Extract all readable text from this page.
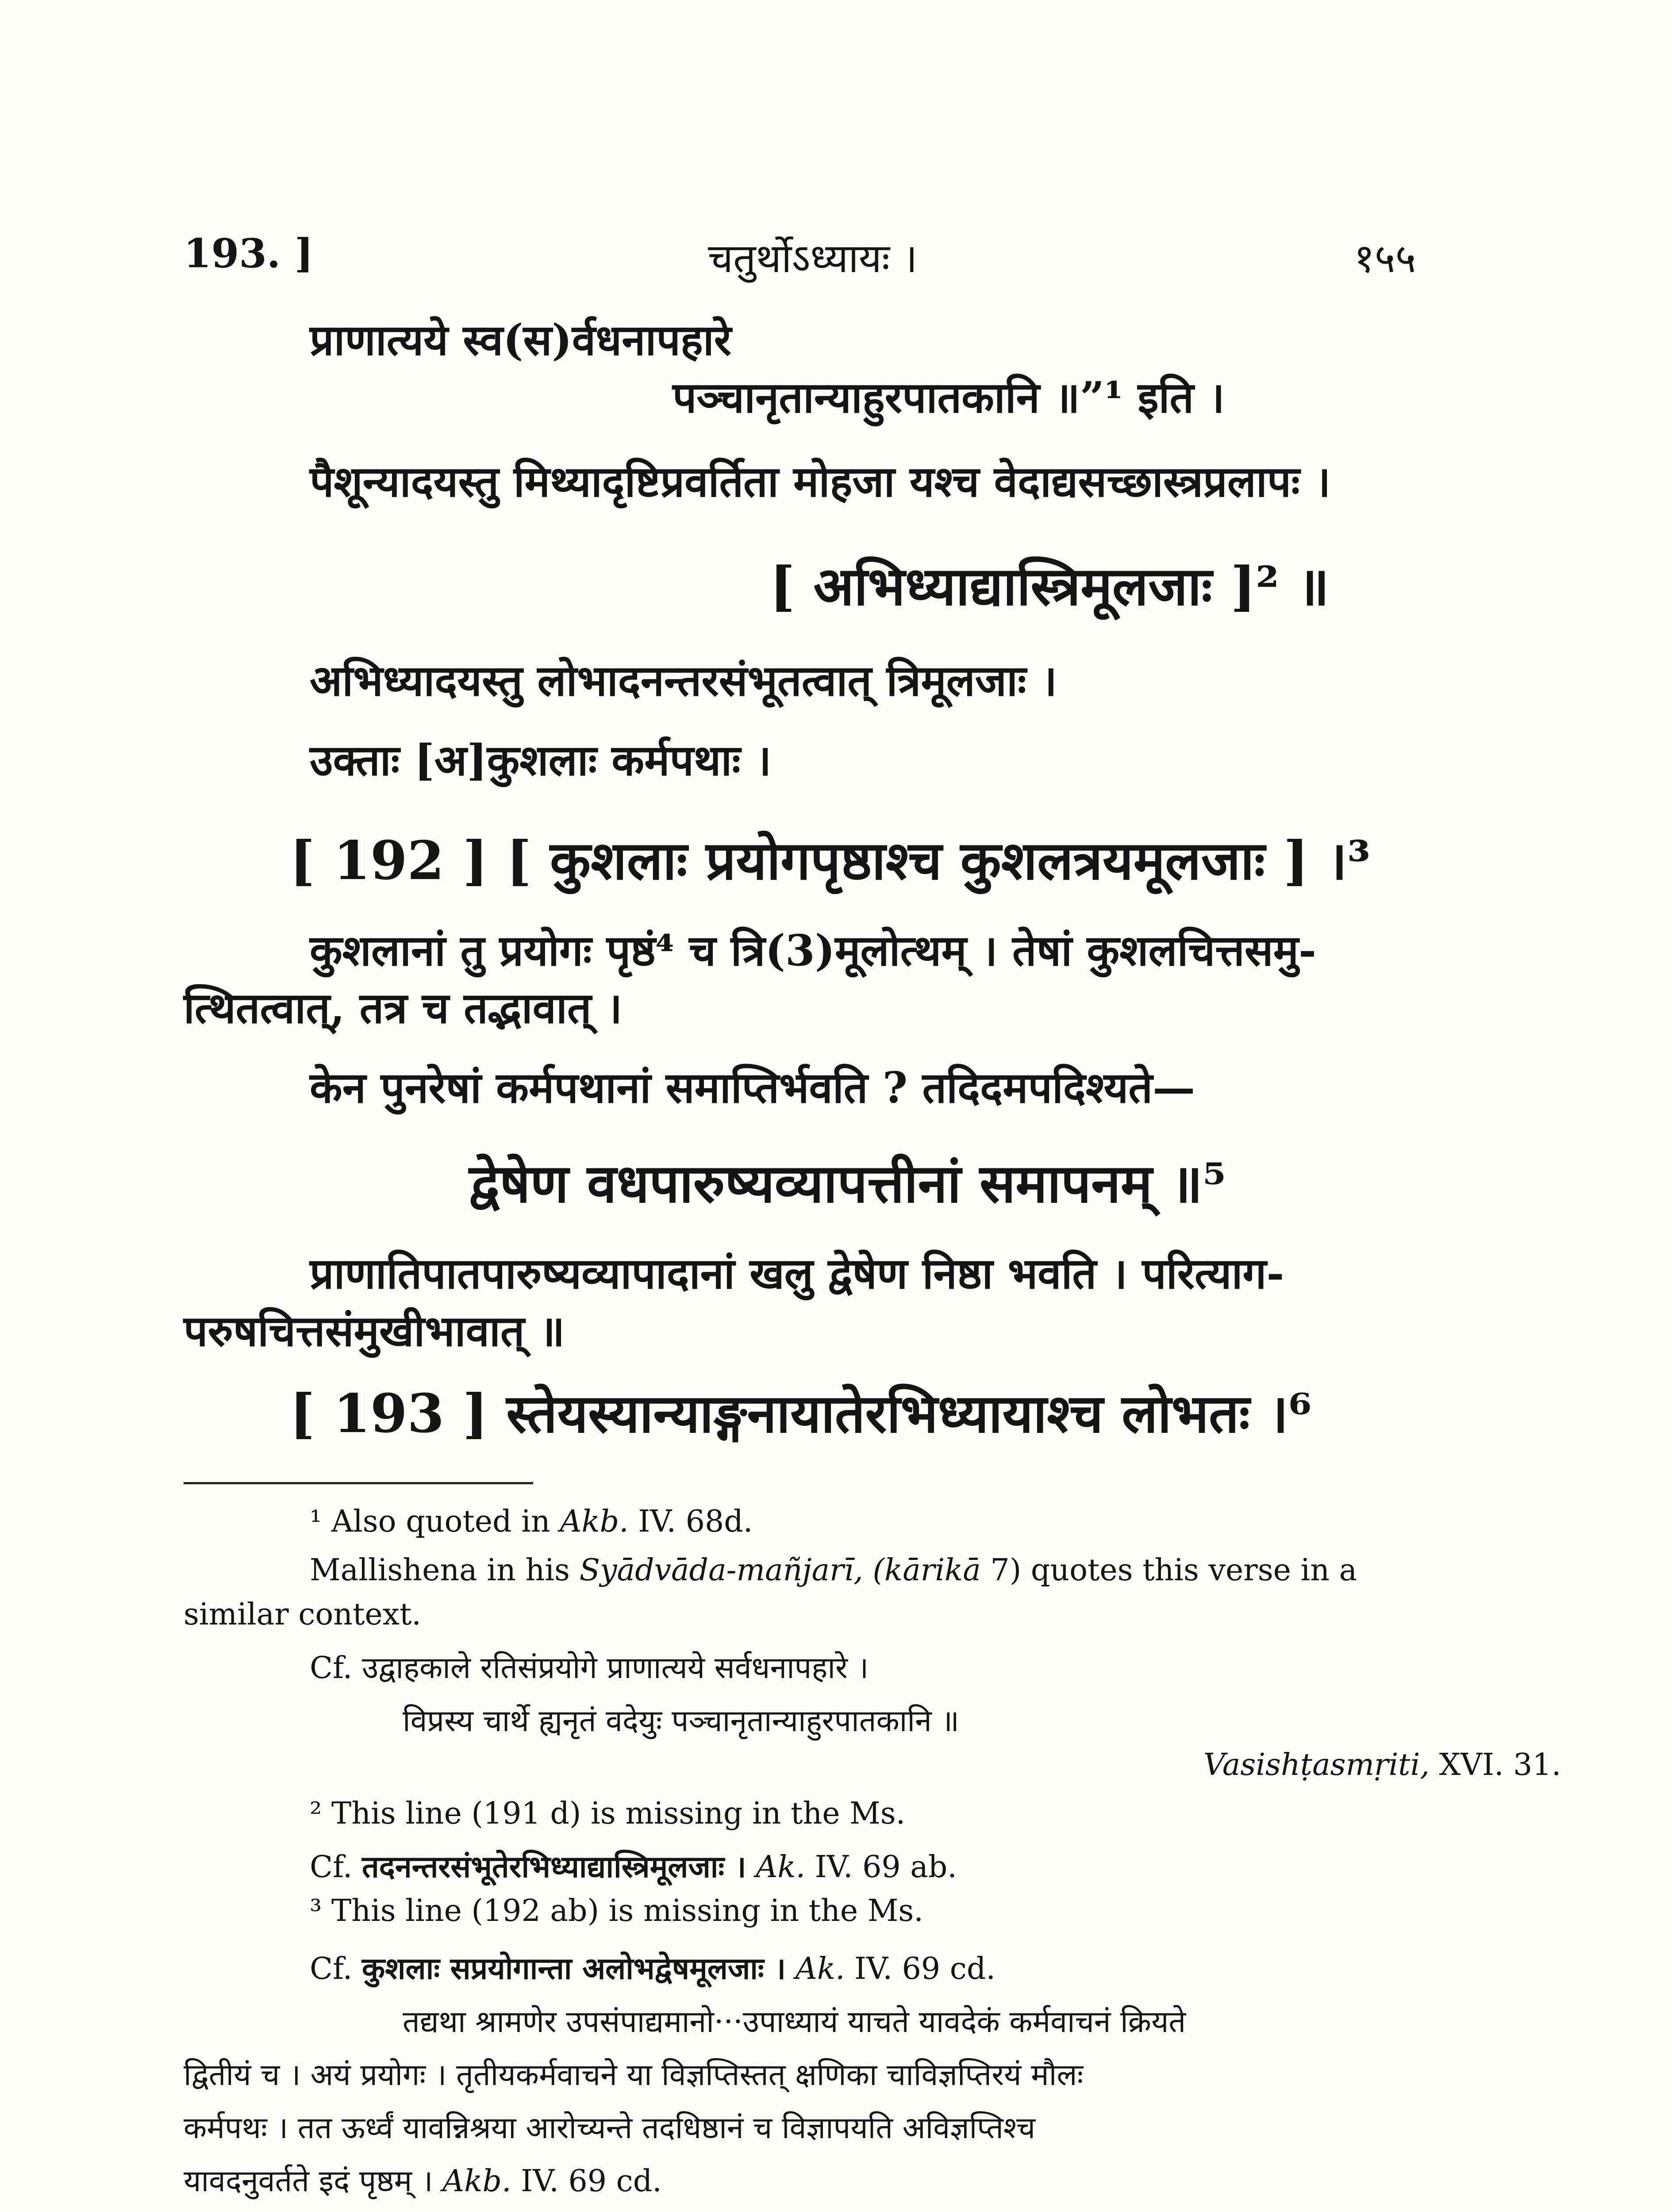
193. ]	चतुर्थोऽध्यायः ।	१५५
प्राणात्यये स्व(स)र्वधनापहारे
पञ्चानृतान्याहुरपातकानि ॥”¹ इति ।
पैशून्यादयस्तु मिथ्यादृष्टिप्रवर्तिता मोहजा यश्च वेदाद्यसच्छास्त्रप्रलापः ।
[ अभिध्याद्यास्त्रिमूलजाः ]² ॥
अभिध्यादयस्तु लोभादनन्तरसंभूतत्वात् त्रिमूलजाः ।
उक्ताः [अ]कुशलाः कर्मपथाः ।
[ 192 ] [ कुशलाः प्रयोगपृष्ठाश्च कुशलत्रयमूलजाः ] ।³
कुशलानां तु प्रयोगः पृष्ठं⁴ च त्रि(3)मूलोत्थम् । तेषां कुशलचित्तसमु-
त्थितत्वात्, तत्र च तद्भावात् ।
केन पुनरेषां कर्मपथानां समाप्तिर्भवति ? तदिदमपदिश्यते—
द्वेषेण वधपारुष्यव्यापत्तीनां समापनम् ॥⁵
प्राणातिपातपारुष्यव्यापादानां खलु द्वेषेण निष्ठा भवति । परित्याग-
परुषचित्तसंमुखीभावात् ॥
[ 193 ] स्तेयस्यान्याङ्गनायातेरभिध्यायाश्च लोभतः ।⁶
¹ Also quoted in Akb. IV. 68d.
Mallishena in his Syādvāda-mañjarī, (kārikā 7) quotes this verse in a
similar context.
Cf. उद्वाहकाले रतिसंप्रयोगे प्राणात्यये सर्वधनापहारे ।
विप्रस्य चार्थे ह्यनृतं वदेयुः पञ्चानृतान्याहुरपातकानि ॥
Vasishṭasmṛiti, XVI. 31.
² This line (191 d) is missing in the Ms.
Cf. तदनन्तरसंभूतेरभिध्याद्यास्त्रिमूलजाः । Ak. IV. 69 ab.
³ This line (192 ab) is missing in the Ms.
Cf. कुशलाः सप्रयोगान्ता अलोभद्वेषमूलजाः । Ak. IV. 69 cd.
तद्यथा श्रामणेर उपसंपाद्यमानो···उपाध्यायं याचते यावदेकं कर्मवाचनं क्रियते
द्वितीयं च । अयं प्रयोगः । तृतीयकर्मवाचने या विज्ञप्तिस्तत् क्षणिका चाविज्ञप्तिरयं मौलः
कर्मपथः । तत ऊर्ध्वं यावन्निश्रया आरोच्यन्ते तदधिष्ठानं च विज्ञापयति अविज्ञप्तिश्च
यावदनुवर्तते इदं पृष्ठम् । Akb. IV. 69 cd.
